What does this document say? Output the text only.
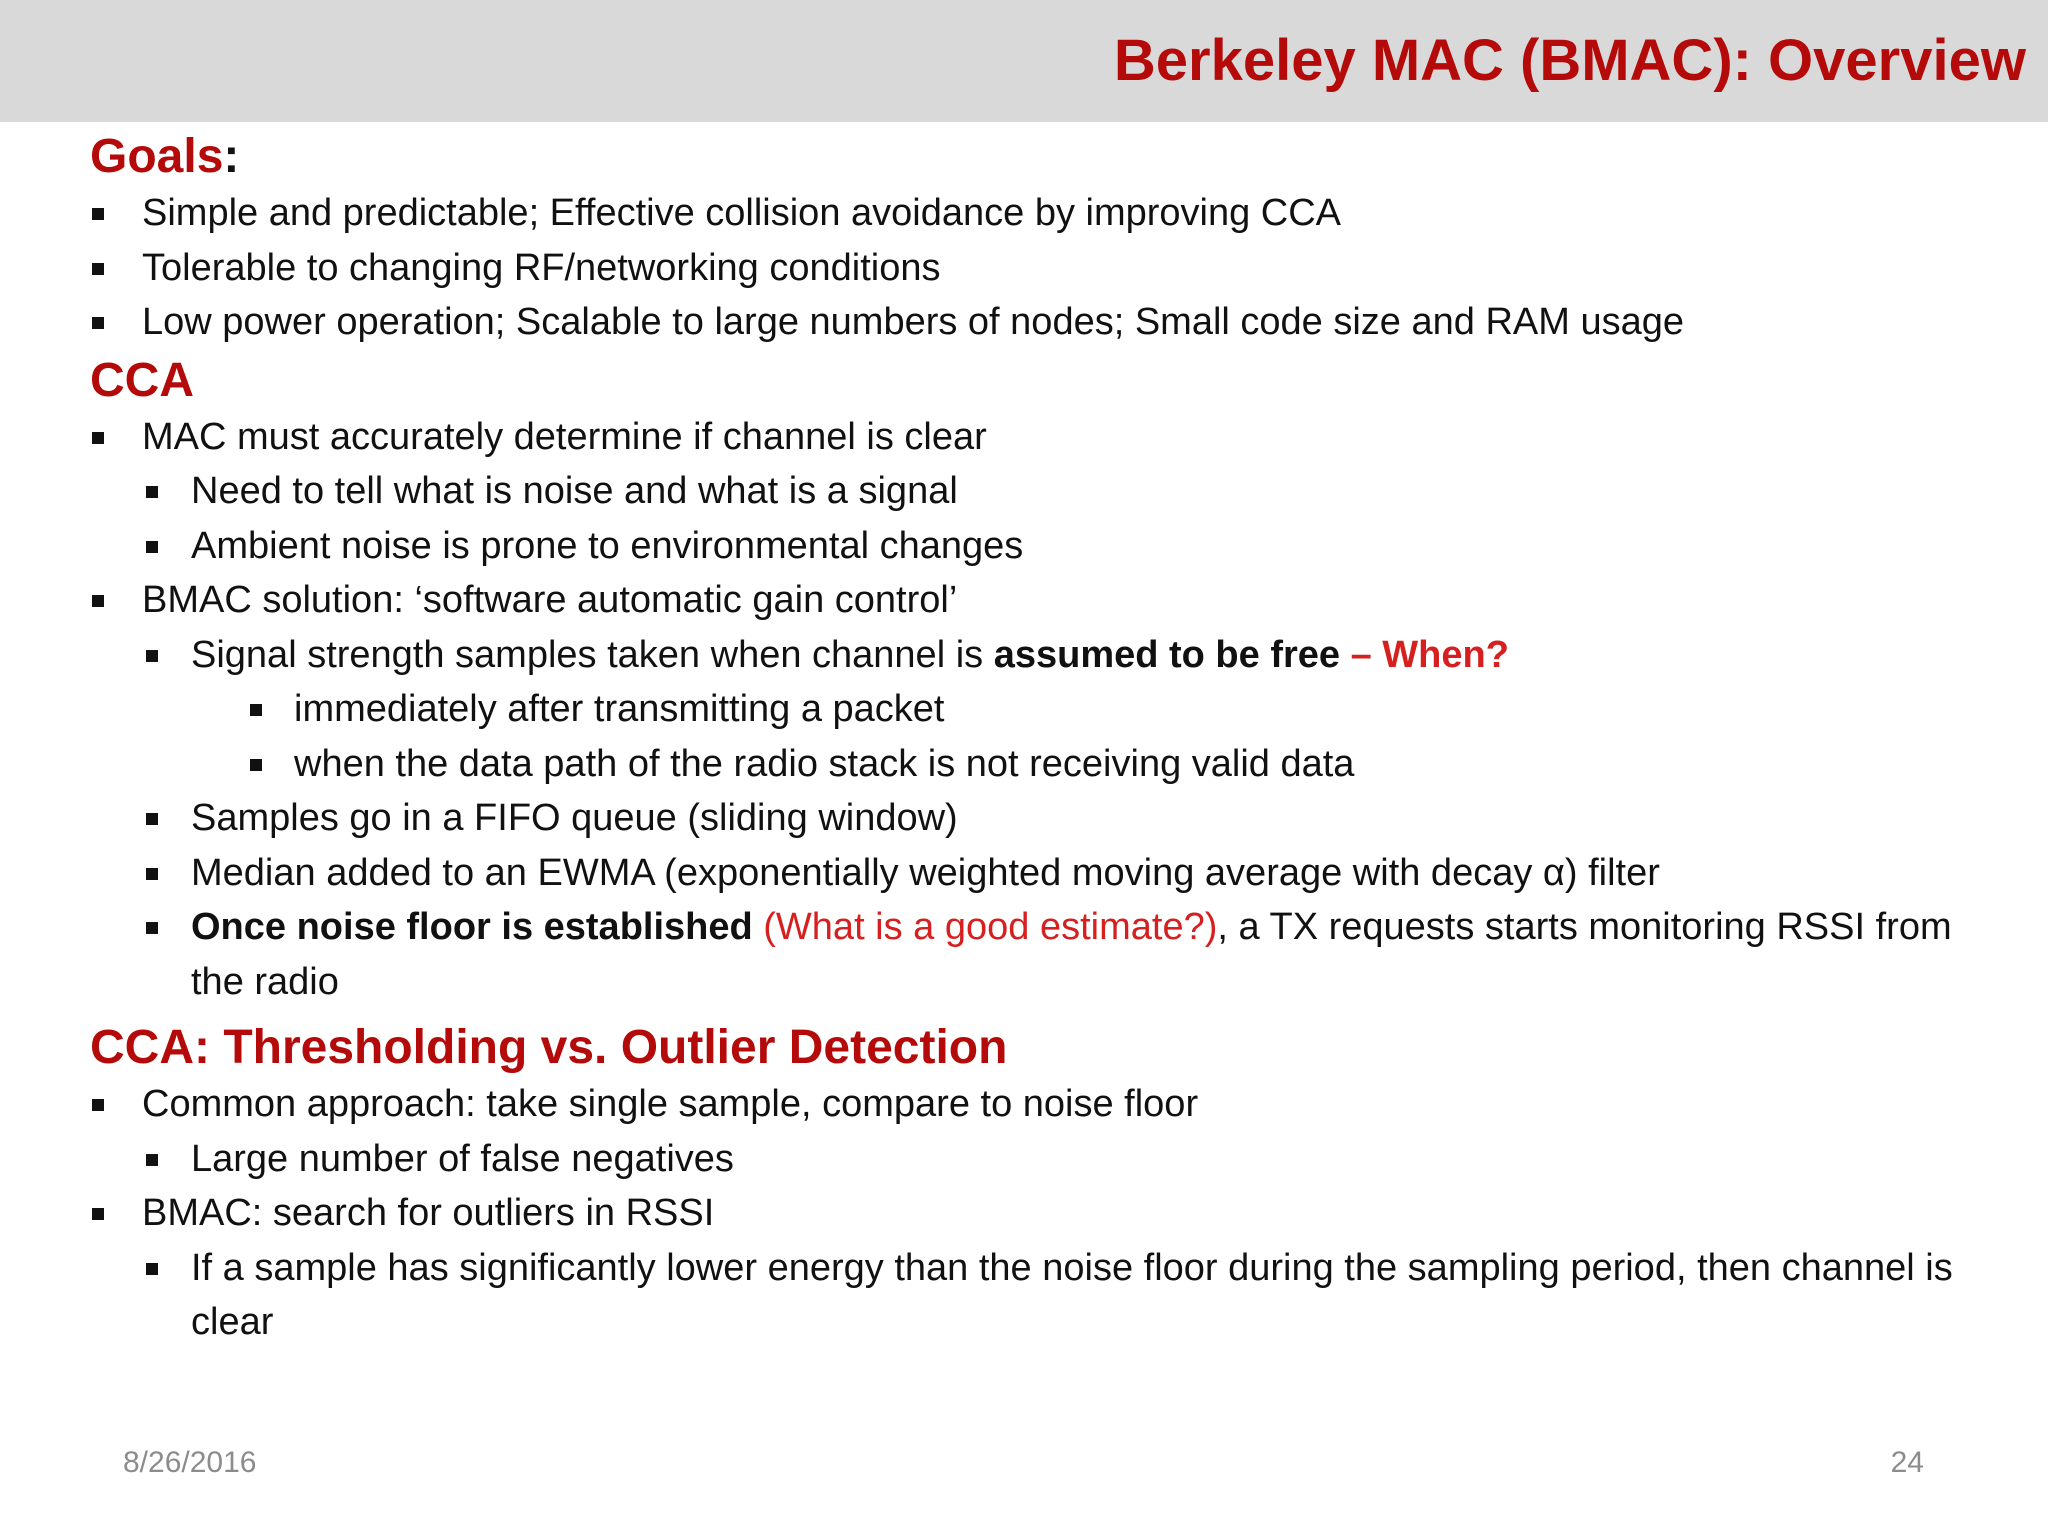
Berkeley MAC (BMAC): Overview
Goals:
Simple and predictable; Effective collision avoidance by improving CCA
Tolerable to changing RF/networking conditions
Low power operation; Scalable to large numbers of nodes; Small code size and RAM usage
CCA
MAC must accurately determine if channel is clear
Need to tell what is noise and what is a signal
Ambient noise is prone to environmental changes
BMAC solution: ‘software automatic gain control’
Signal strength samples taken when channel is assumed to be free – When?
immediately after transmitting a packet
when the data path of the radio stack is not receiving valid data
Samples go in a FIFO queue (sliding window)
Median added to an EWMA (exponentially weighted moving average with decay α) filter
Once noise floor is established (What is a good estimate?), a TX requests starts monitoring RSSI from the radio
CCA: Thresholding vs. Outlier Detection
Common approach: take single sample, compare to noise floor
Large number of false negatives
BMAC: search for outliers in RSSI
If a sample has significantly lower energy than the noise floor during the sampling period, then channel is clear
8/26/2016	24
